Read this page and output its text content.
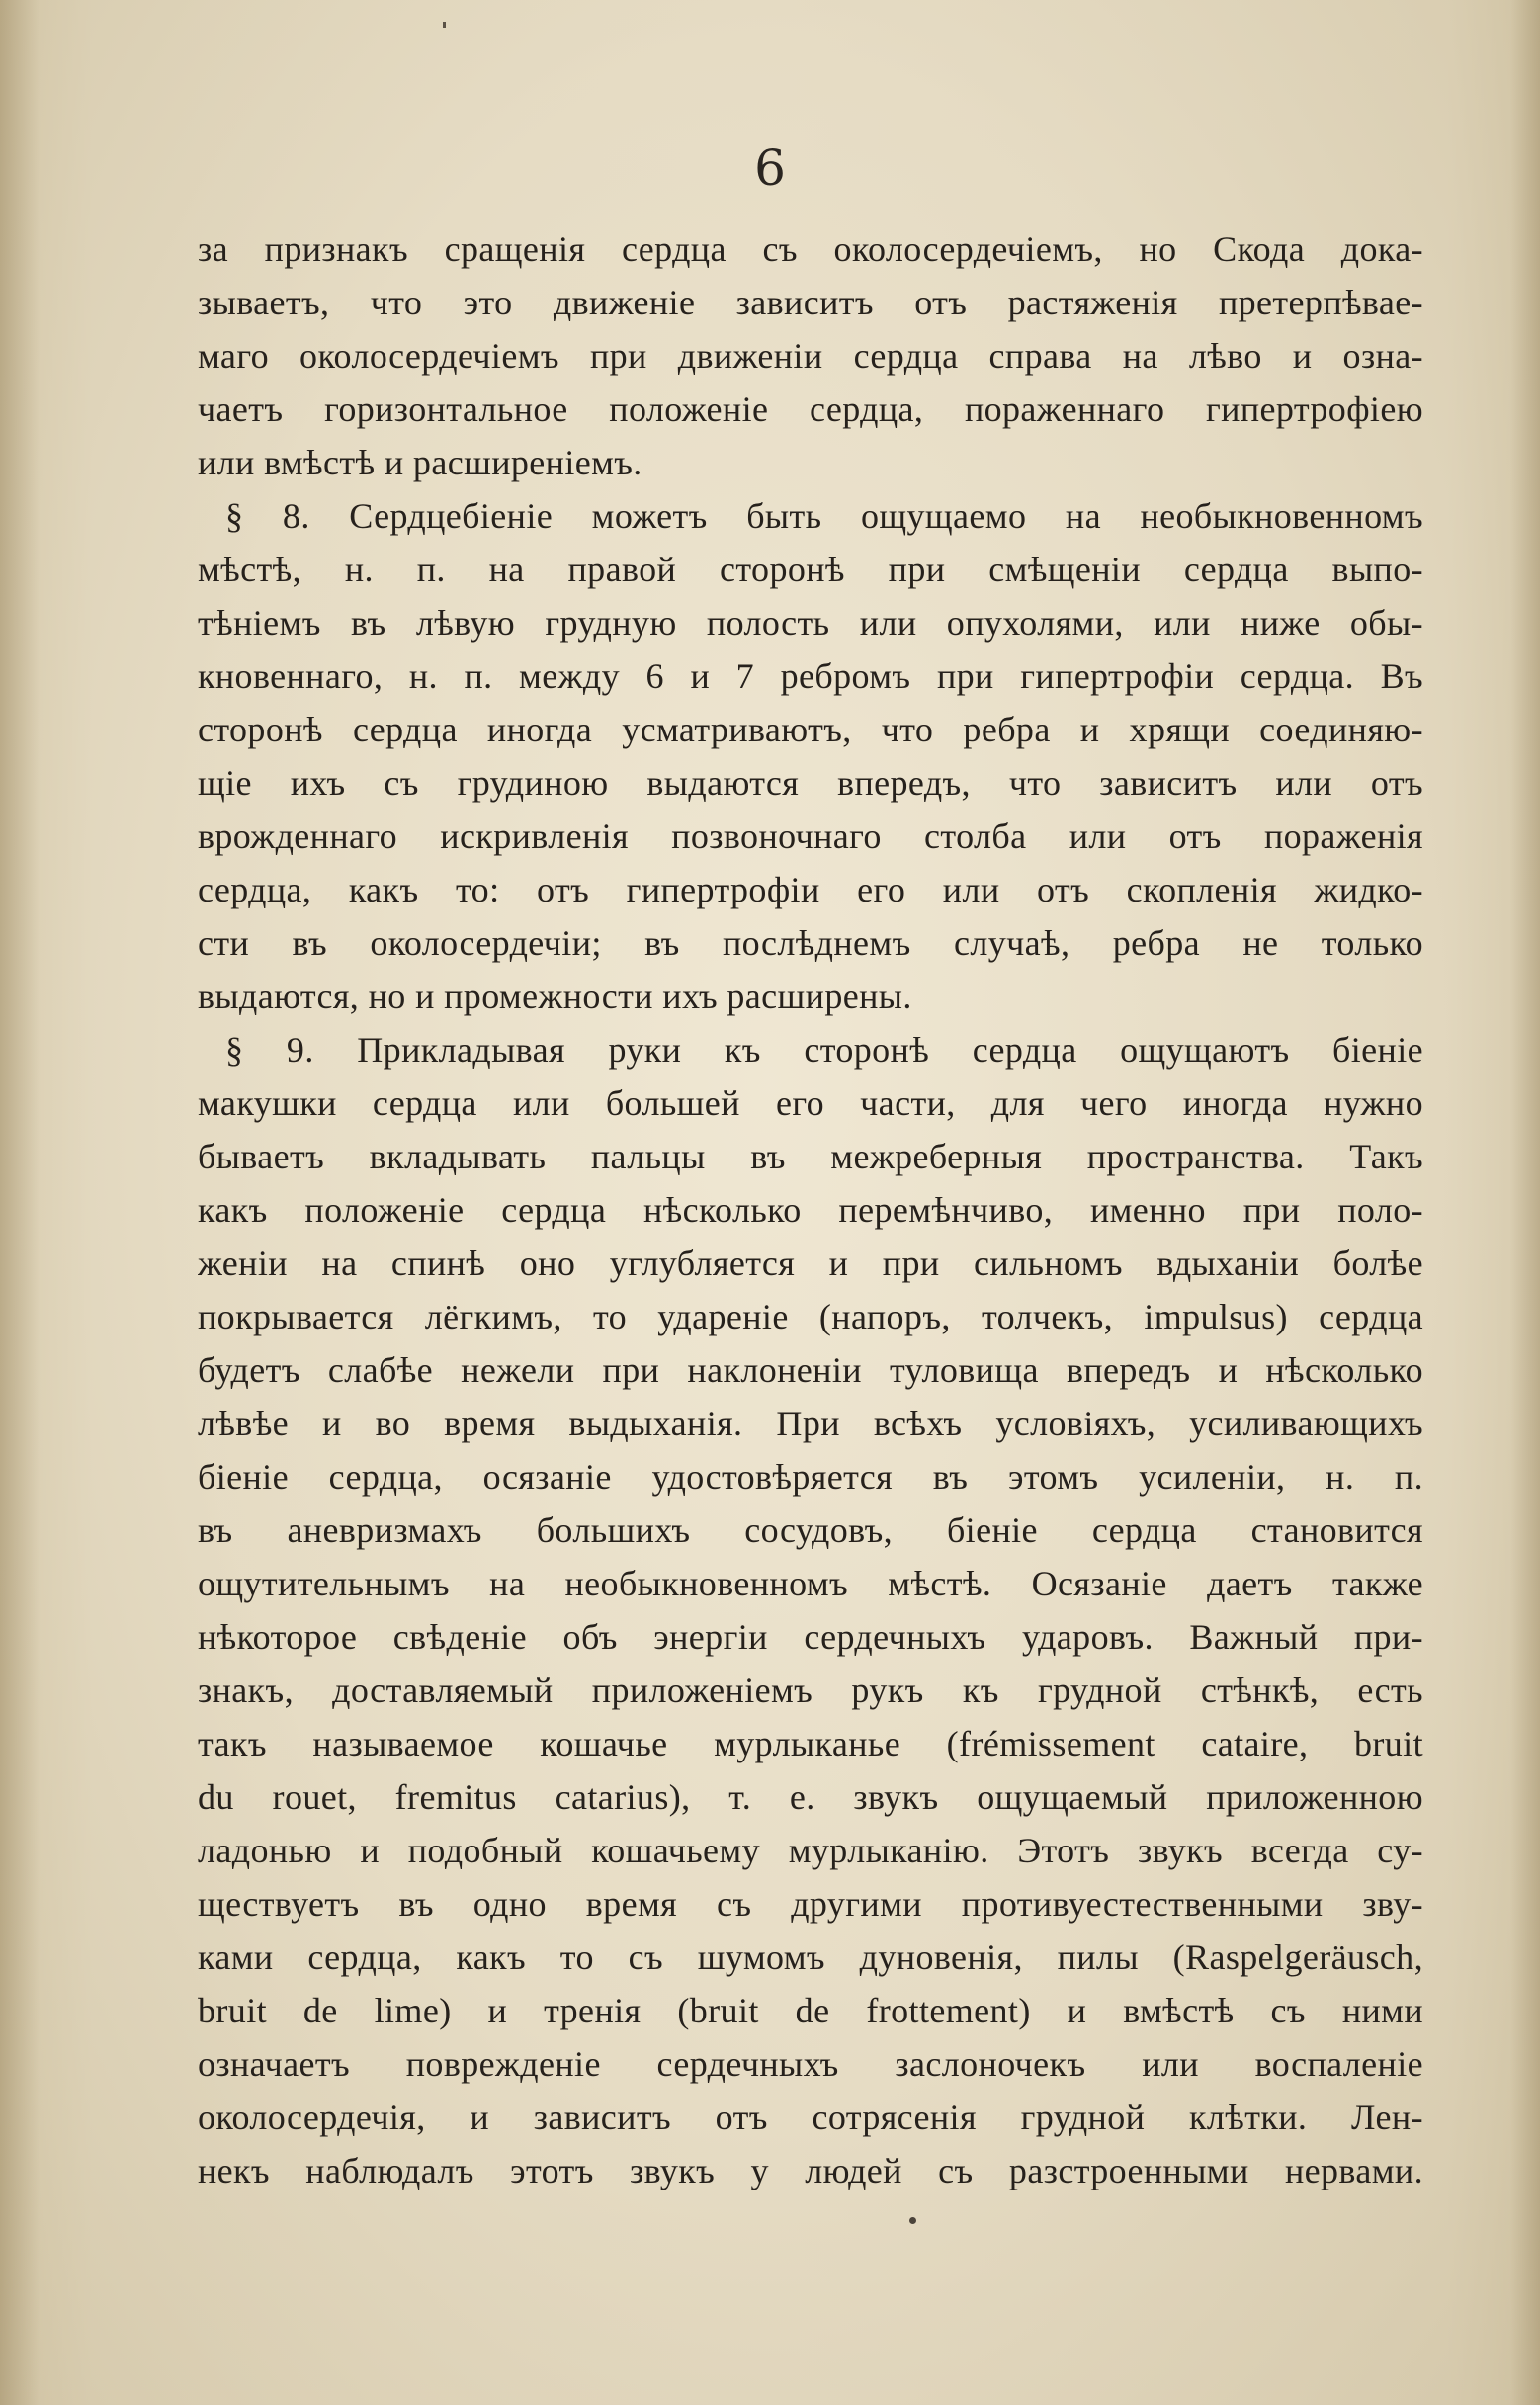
6
за признакъ сращенія сердца съ околосердечіемъ, но Скода дока-
зываетъ, что это движеніе зависитъ отъ растяженія претерпѣвае-
маго околосердечіемъ при движеніи сердца справа на лѣво и озна-
чаетъ горизонтальное положеніе сердца, пораженнаго гипертрофіею
или вмѣстѣ и расширеніемъ.
§ 8. Сердцебіеніе можетъ быть ощущаемо на необыкновенномъ
мѣстѣ, н. п. на правой сторонѣ при смѣщеніи сердца выпо-
тѣніемъ въ лѣвую грудную полость или опухолями, или ниже обы-
кновеннаго, н. п. между 6 и 7 ребромъ при гипертрофіи сердца. Въ
сторонѣ сердца иногда усматриваютъ, что ребра и хрящи соединяю-
щіе ихъ съ грудиною выдаются впередъ, что зависитъ или отъ
врожденнаго искривленія позвоночнаго столба или отъ пораженія
сердца, какъ то: отъ гипертрофіи его или отъ скопленія жидко-
сти въ околосердечіи; въ послѣднемъ случаѣ, ребра не только
выдаются, но и промежности ихъ расширены.
§ 9. Прикладывая руки къ сторонѣ сердца ощущаютъ біеніе
макушки сердца или большей его части, для чего иногда нужно
бываетъ вкладывать пальцы въ межреберныя пространства. Такъ
какъ положеніе сердца нѣсколько перемѣнчиво, именно при поло-
женіи на спинѣ оно углубляется и при сильномъ вдыханіи болѣе
покрывается лёгкимъ, то удареніе (напоръ, толчекъ, impulsus) сердца
будетъ слабѣе нежели при наклоненіи туловища впередъ и нѣсколько
лѣвѣе и во время выдыханія. При всѣхъ условіяхъ, усиливающихъ
біеніе сердца, осязаніе удостовѣряется въ этомъ усиленіи, н. п.
въ аневризмахъ большихъ сосудовъ, біеніе сердца становится
ощутительнымъ на необыкновенномъ мѣстѣ. Осязаніе даетъ также
нѣкоторое свѣденіе объ энергіи сердечныхъ ударовъ. Важный при-
знакъ, доставляемый приложеніемъ рукъ къ грудной стѣнкѣ, есть
такъ называемое кошачье мурлыканье (frémissement cataire, bruit
du rouet, fremitus catarius), т. е. звукъ ощущаемый приложенною
ладонью и подобный кошачьему мурлыканію. Этотъ звукъ всегда су-
ществуетъ въ одно время съ другими противуестественными зву-
ками сердца, какъ то съ шумомъ дуновенія, пилы (Raspelgeräusch,
bruit de lime) и тренія (bruit de frottement) и вмѣстѣ съ ними
означаетъ поврежденіе сердечныхъ заслоночекъ или воспаленіе
околосердечія, и зависитъ отъ сотрясенія грудной клѣтки. Лен-
некъ наблюдалъ этотъ звукъ у людей съ разстроенными нервами.
